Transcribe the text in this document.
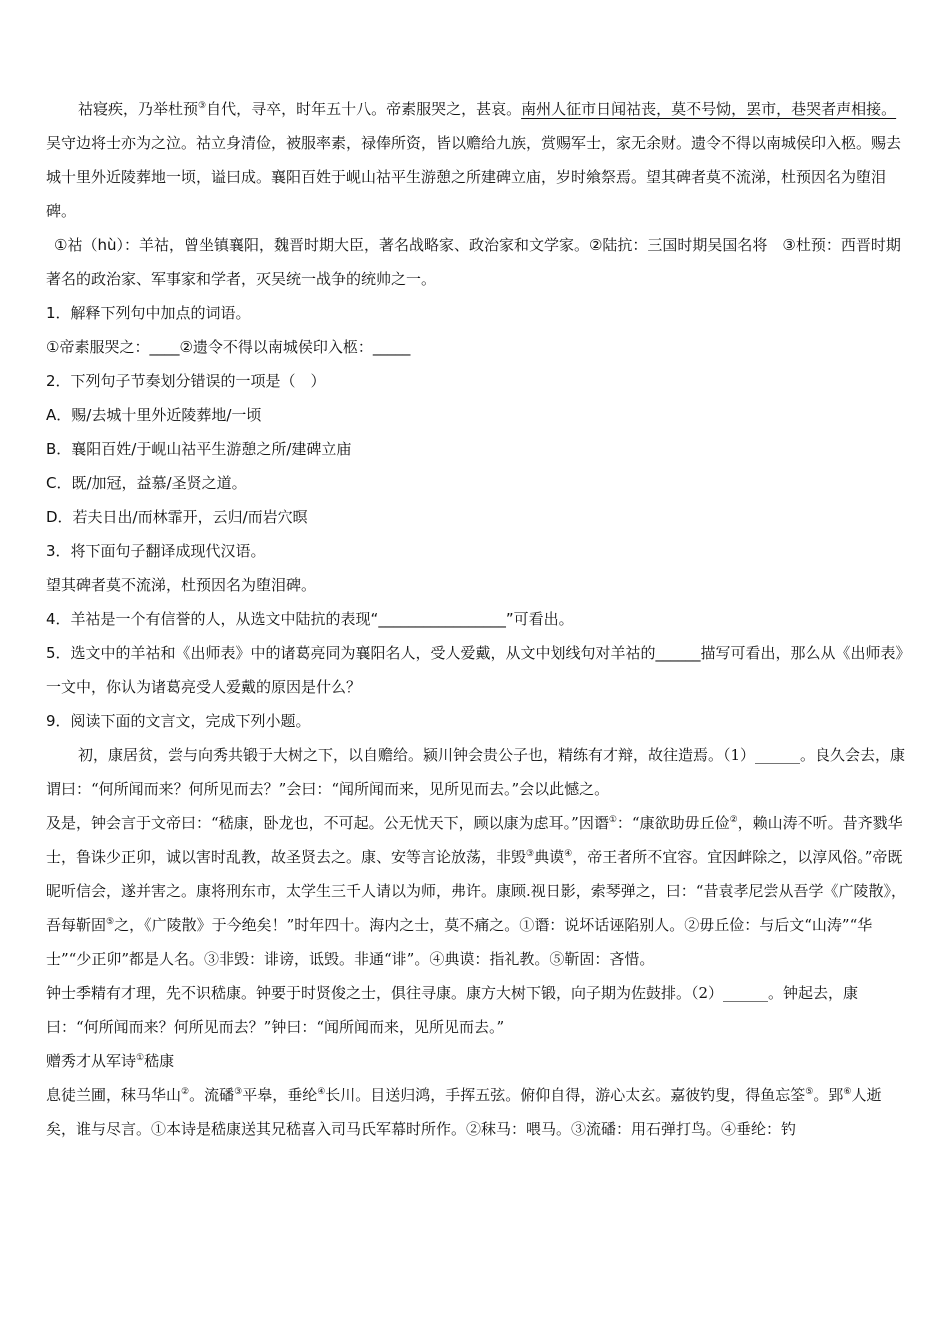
祜寝疾，乃举杜预③自代，寻卒，时年五十八。帝素服哭之，甚哀。南州人征市日闻祜丧，莫不号恸，罢市，巷哭者声相接。吴守边将士亦为之泣。祜立身清俭，被服率素，禄俸所资，皆以赡给九族，赏赐军士，家无余财。遗令不得以南城侯印入柩。赐去城十里外近陵葬地一顷，谥曰成。襄阳百姓于岘山祜平生游憩之所建碑立庙，岁时飨祭焉。望其碑者莫不流涕，杜预因名为堕泪碑。

①祜（hù）：羊祜，曾坐镇襄阳，魏晋时期大臣，著名战略家、政治家和文学家。②陆抗：三国时期吴国名将　③杜预：西晋时期著名的政治家、军事家和学者，灭吴统一战争的统帅之一。

1．解释下列句中加点的词语。

①帝素服哭之：____②遗令不得以南城侯印入柩：_____

2．下列句子节奏划分错误的一项是（　）

A．赐/去城十里外近陵葬地/一顷

B．襄阳百姓/于岘山祜平生游憩之所/建碑立庙

C．既/加冠，益慕/圣贤之道。

D．若夫日出/而林霏开，云归/而岩穴暝

3．将下面句子翻译成现代汉语。

望其碑者莫不流涕，杜预因名为堕泪碑。

4．羊祜是一个有信誉的人，从选文中陆抗的表现“_________________”可看出。

5．选文中的羊祜和《出师表》中的诸葛亮同为襄阳名人，受人爱戴，从文中划线句对羊祜的______描写可看出，那么从《出师表》一文中，你认为诸葛亮受人爱戴的原因是什么？

9．阅读下面的文言文，完成下列小题。

初，康居贫，尝与向秀共锻于大树之下，以自赡给。颍川钟会贵公子也，精练有才辩，故往造焉。（1）______。良久会去，康谓曰：“何所闻而来？何所见而去？”会曰：“闻所闻而来，见所见而去。”会以此憾之。

及是，钟会言于文帝曰：“嵇康，卧龙也，不可起。公无忧天下，顾以康为虑耳。”因谮①：“康欲助毋丘俭②，赖山涛不听。昔齐戮华士，鲁诛少正卯，诚以害时乱教，故圣贤去之。康、安等言论放荡，非毁③典谟④，帝王者所不宜容。宜因衅除之，以淳风俗。”帝既昵听信会，遂并害之。康将刑东市，太学生三千人请以为师，弗许。康顾.视日影，索琴弹之，曰：“昔袁孝尼尝从吾学《广陵散》，吾每靳固⑤之，《广陵散》于今绝矣！”时年四十。海内之士，莫不痛之。①谮：说坏话诬陷别人。②毋丘俭：与后文“山涛”“华士”“少正卯”都是人名。③非毁：诽谤，诋毁。非通“诽”。④典谟：指礼教。⑤靳固：吝惜。

钟士季精有才理，先不识嵇康。钟要于时贤俊之士，俱往寻康。康方大树下锻，向子期为佐鼓排。（2）______。钟起去，康曰：“何所闻而来？何所见而去？”钟曰：“闻所闻而来，见所见而去。”

赠秀才从军诗①嵇康

息徒兰圃，秣马华山②。流磻③平皋，垂纶④长川。目送归鸿，手挥五弦。俯仰自得，游心太玄。嘉彼钓叟，得鱼忘筌⑤。郢⑥人逝矣，谁与尽言。①本诗是嵇康送其兄嵇喜入司马氏军幕时所作。②秣马：喂马。③流磻：用石弹打鸟。④垂纶：钓
